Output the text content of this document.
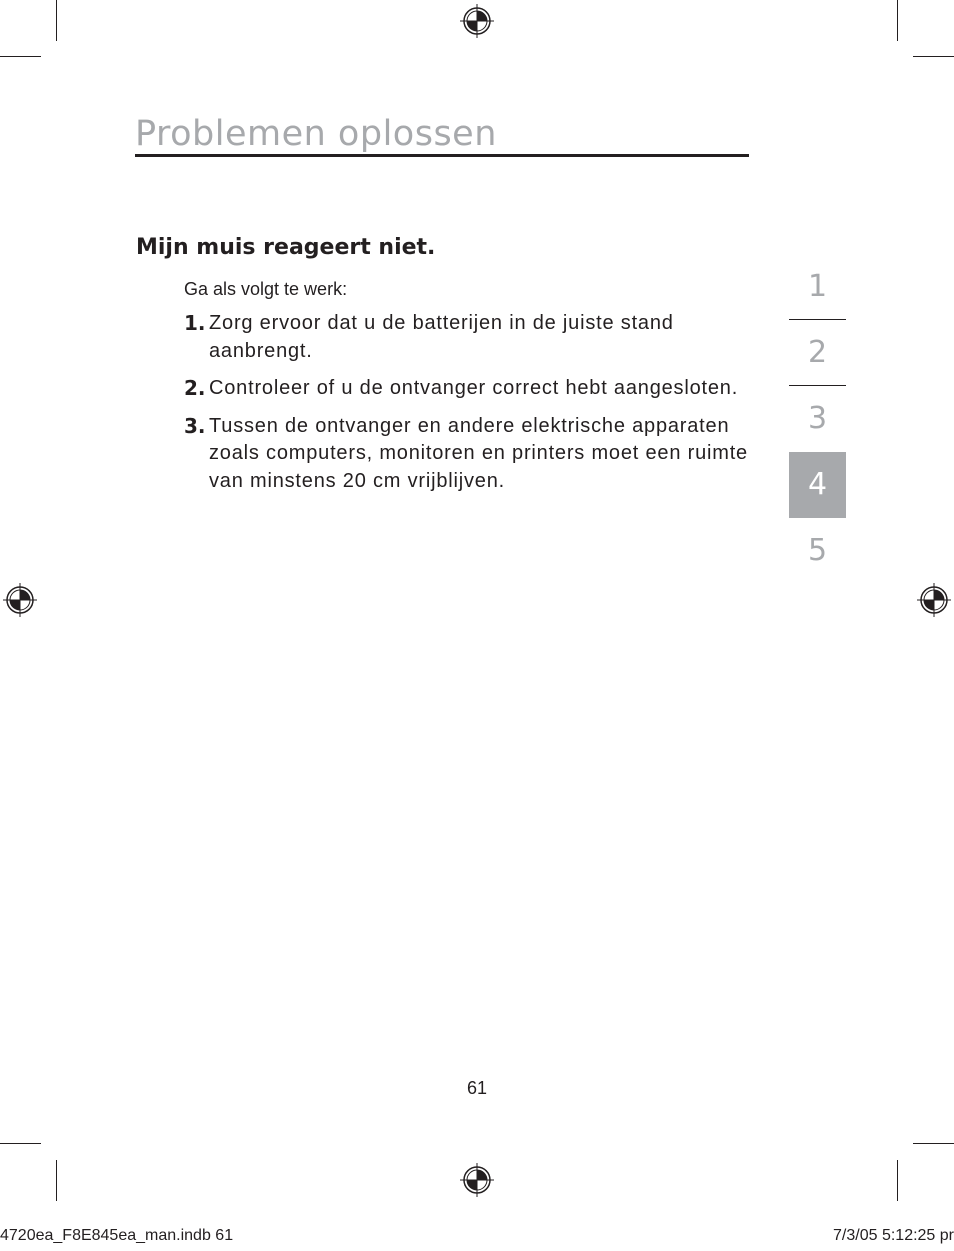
Problemen oplossen
Mijn muis reageert niet.
Ga als volgt te werk:
1. Zorg ervoor dat u de batterijen in de juiste stand aanbrengt.
2. Controleer of u de ontvanger correct hebt aangesloten.
3. Tussen de ontvanger en andere elektrische apparaten zoals computers, monitoren en printers moet een ruimte van minstens 20 cm vrijblijven.
1
2
3
4
5
61
4720ea_F8E845ea_man.indb 61	7/3/05 5:12:25 pr
